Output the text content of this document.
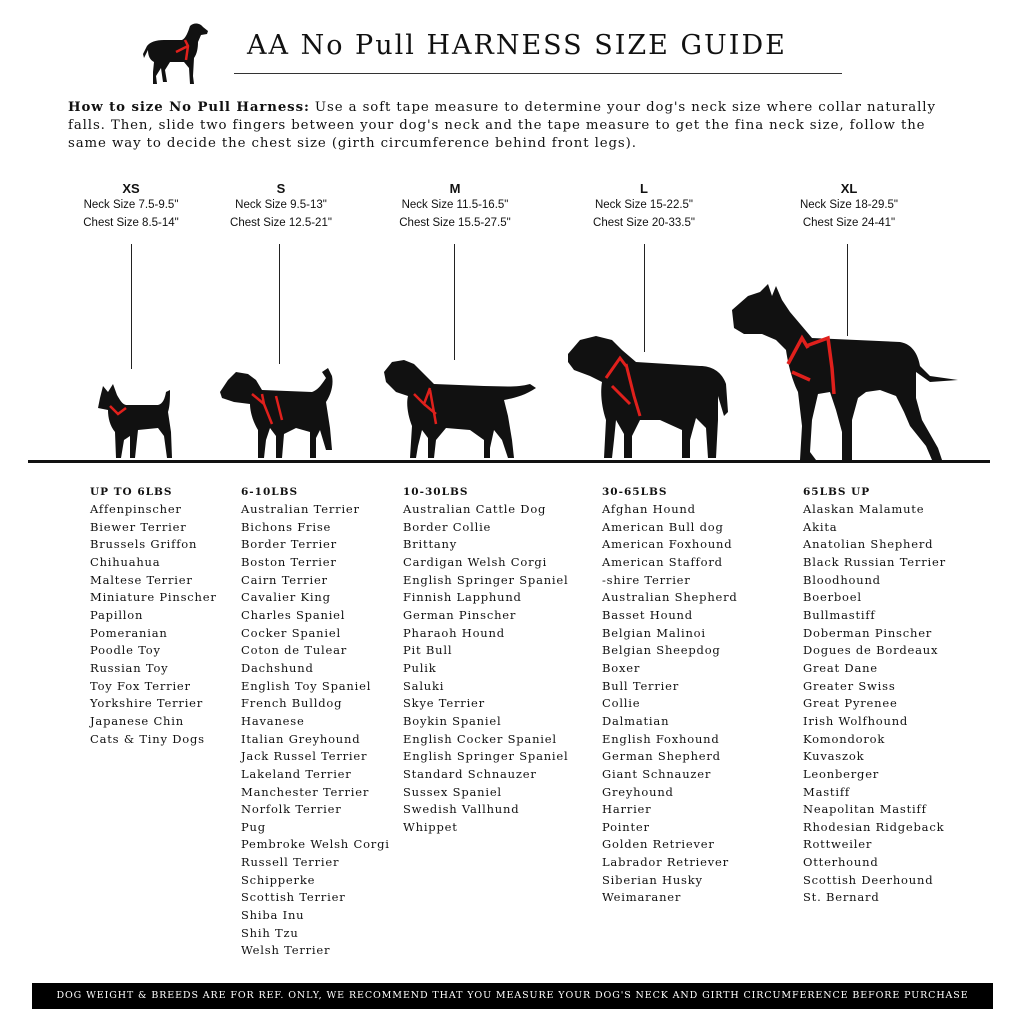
AA No Pull HARNESS SIZE GUIDE
How to size No Pull Harness: Use a soft tape measure to determine your dog's neck size where collar naturally falls. Then, slide two fingers between your dog's neck and the tape measure to get the fina neck size, follow the same way to decide the chest size (girth circumference behind front legs).
XS
Neck Size 7.5-9.5"
Chest Size 8.5-14"
S
Neck Size 9.5-13"
Chest Size 12.5-21"
M
Neck Size 11.5-16.5"
Chest Size 15.5-27.5"
L
Neck Size 15-22.5"
Chest Size 20-33.5"
XL
Neck Size 18-29.5"
Chest Size 24-41"
UP TO 6LBS
Affenpinscher
Biewer Terrier
Brussels Griffon
Chihuahua
Maltese Terrier
Miniature Pinscher
Papillon
Pomeranian
Poodle Toy
Russian Toy
Toy Fox Terrier
Yorkshire Terrier
Japanese Chin
Cats & Tiny Dogs
6-10LBS
Australian Terrier
Bichons Frise
Border Terrier
Boston Terrier
Cairn Terrier
Cavalier King
Charles Spaniel
Cocker Spaniel
Coton de Tulear
Dachshund
English Toy Spaniel
French Bulldog
Havanese
Italian Greyhound
Jack Russel Terrier
Lakeland Terrier
Manchester Terrier
Norfolk Terrier
Pug
Pembroke Welsh Corgi
Russell Terrier
Schipperke
Scottish Terrier
Shiba Inu
Shih Tzu
Welsh Terrier
10-30LBS
Australian Cattle Dog
Border Collie
Brittany
Cardigan Welsh Corgi
English Springer Spaniel
Finnish Lapphund
German Pinscher
Pharaoh Hound
Pit Bull
Pulik
Saluki
Skye Terrier
Boykin Spaniel
English Cocker Spaniel
English Springer Spaniel
Standard Schnauzer
Sussex Spaniel
Swedish Vallhund
Whippet
30-65LBS
Afghan Hound
American Bull dog
American Foxhound
American Stafford
-shire Terrier
Australian Shepherd
Basset Hound
Belgian Malinoi
Belgian Sheepdog
Boxer
Bull Terrier
Collie
Dalmatian
English Foxhound
German Shepherd
Giant Schnauzer
Greyhound
Harrier
Pointer
Golden Retriever
Labrador Retriever
Siberian Husky
Weimaraner
65LBS UP
Alaskan Malamute
Akita
Anatolian Shepherd
Black Russian Terrier
Bloodhound
Boerboel
Bullmastiff
Doberman Pinscher
Dogues de Bordeaux
Great Dane
Greater Swiss
Great Pyrenee
Irish Wolfhound
Komondorok
Kuvaszok
Leonberger
Mastiff
Neapolitan Mastiff
Rhodesian Ridgeback
Rottweiler
Otterhound
Scottish Deerhound
St. Bernard
DOG WEIGHT & BREEDS ARE FOR REF. ONLY, WE RECOMMEND THAT YOU MEASURE YOUR DOG'S NECK AND GIRTH CIRCUMFERENCE BEFORE PURCHASE
